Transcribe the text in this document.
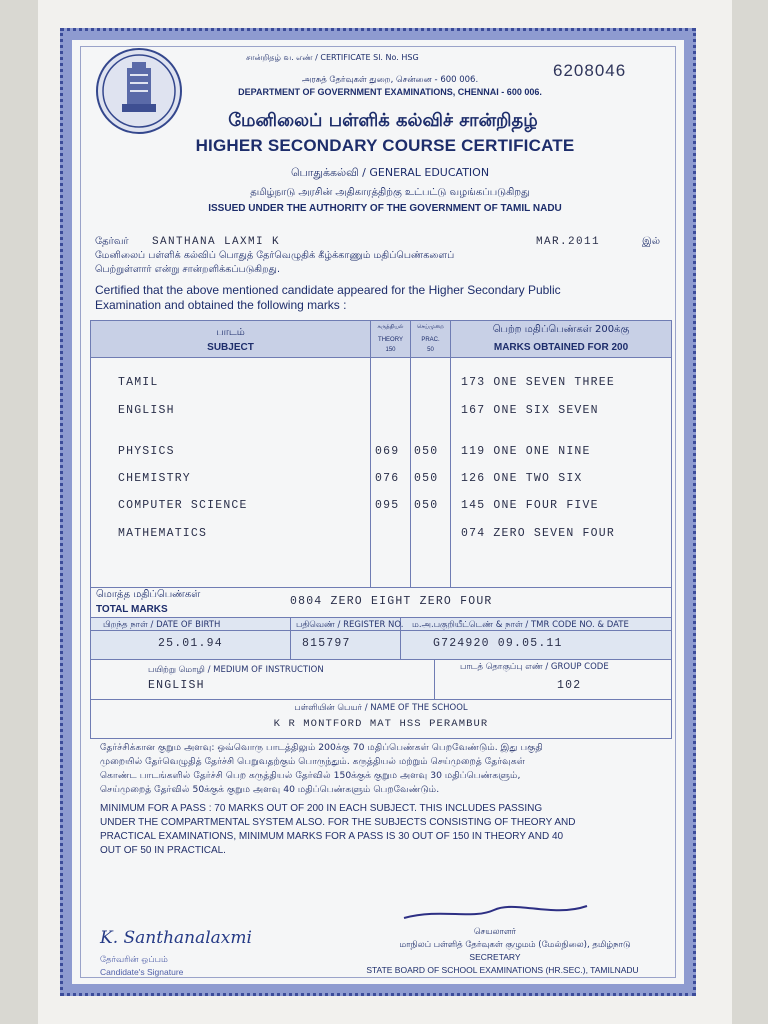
சான்றிதழ் வ. எண் / CERTIFICATE Sl. No. HSG
6208046
அரசுத் தேர்வுகள் துறை, சென்னை - 600 006.
DEPARTMENT OF GOVERNMENT EXAMINATIONS, CHENNAI - 600 006.
மேனிலைப் பள்ளிக் கல்விச் சான்றிதழ்
HIGHER SECONDARY COURSE CERTIFICATE
பொதுக்கல்வி / GENERAL EDUCATION
தமிழ்நாடு அரசின் அதிகாரத்திற்கு உட்பட்டு வழங்கப்படுகிறது
ISSUED UNDER THE AUTHORITY OF THE GOVERNMENT OF TAMIL NADU
தேர்வர் SANTHANA LAXMI K	MAR.2011	இல்
மேனிலைப் பள்ளிக் கல்விப் பொதுத் தேர்வெழுதிக் கீழ்க்காணும் மதிப்பெண்களைப்
பெற்றுள்ளார் என்று சான்றளிக்கப்படுகிறது.
Certified that the above mentioned candidate appeared for the Higher Secondary Public
Examination and obtained the following marks :
பாடம்
SUBJECT
கருத்தியல்
THEORY
150
செய்முறை
PRAC.
50
பெற்ற மதிப்பெண்கள் 200க்கு
MARKS OBTAINED FOR 200
TAMIL	173 ONE SEVEN THREE
ENGLISH	167 ONE SIX SEVEN
PHYSICS	069 050 119 ONE ONE NINE
CHEMISTRY	076 050 126 ONE TWO SIX
COMPUTER SCIENCE	095 050 145 ONE FOUR FIVE
MATHEMATICS	074 ZERO SEVEN FOUR
மொத்த மதிப்பெண்கள்
TOTAL MARKS
0804 ZERO EIGHT ZERO FOUR
பிறந்த நாள் / DATE OF BIRTH
25.01.94
பதிவெண் / REGISTER NO.
815797
ம.அ.பகுறியீட்டெண் & நாள் / TMR CODE NO. & DATE
G724920 09.05.11
பயிற்று மொழி / MEDIUM OF INSTRUCTION
ENGLISH
பாடத் தொகுப்பு எண் / GROUP CODE
102
பள்ளியின் பெயர் / NAME OF THE SCHOOL
K R MONTFORD MAT HSS PERAMBUR
தேர்ச்சிக்கான குறும அளவு: ஒவ்வொரு பாடத்திலும் 200க்கு 70 மதிப்பெண்கள் பெறவேண்டும். இது பகுதி
முறையில் தேர்வெழுதித் தேர்ச்சி பெறுவதற்கும் பொருந்தும். கருத்தியல் மற்றும் செய்முறைத் தேர்வுகள்
கொண்ட பாடங்களில் தேர்ச்சி பெற கருத்தியல் தேர்வில் 150க்குக் குறும அளவு 30 மதிப்பெண்களும்,
செய்முறைத் தேர்வில் 50க்குக் குறும அளவு 40 மதிப்பெண்களும் பெறவேண்டும்.
MINIMUM FOR A PASS : 70 MARKS OUT OF 200 IN EACH SUBJECT. THIS INCLUDES PASSING
UNDER THE COMPARTMENTAL SYSTEM ALSO. FOR THE SUBJECTS CONSISTING OF THEORY AND
PRACTICAL EXAMINATIONS, MINIMUM MARKS FOR A PASS IS 30 OUT OF 150 IN THEORY AND 40
OUT OF 50 IN PRACTICAL.
K. Santhanalaxmi
தேர்வரின் ஒப்பம்
Candidate's Signature
செயலாளர்
மாநிலப் பள்ளித் தேர்வுகள் குழுமம் (மேல்நிலை), தமிழ்நாடு
SECRETARY
STATE BOARD OF SCHOOL EXAMINATIONS (HR.SEC.), TAMILNADU
